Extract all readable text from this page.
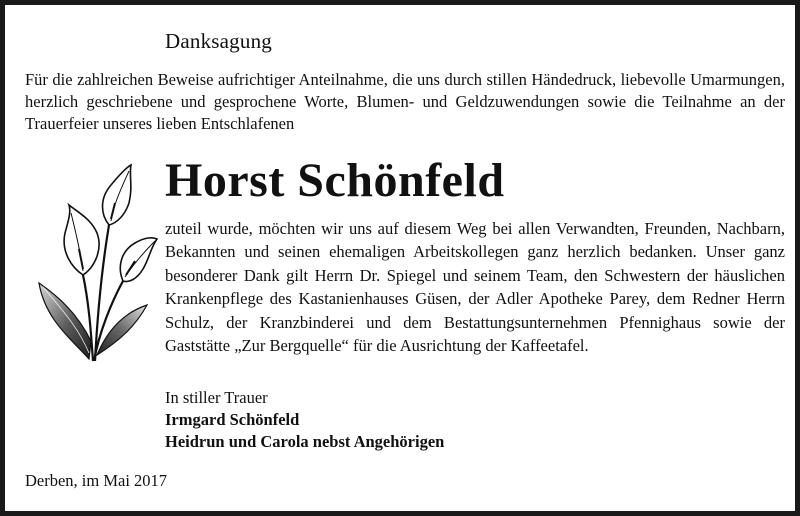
Danksagung
Für die zahlreichen Beweise aufrichtiger Anteilnahme, die uns durch stillen Händedruck, liebevolle Umarmungen, herzlich geschriebene und gesprochene Worte, Blumen- und Geldzuwendungen sowie die Teilnahme an der Trauerfeier unseres lieben Entschlafenen
Horst Schönfeld
zuteil wurde, möchten wir uns auf diesem Weg bei allen Verwandten, Freunden, Nachbarn, Bekannten und seinen ehemaligen Arbeitskollegen ganz herzlich bedanken. Unser ganz besonderer Dank gilt Herrn Dr. Spiegel und seinem Team, den Schwestern der häuslichen Krankenpflege des Kastanienhauses Güsen, der Adler Apotheke Parey, dem Redner Herrn Schulz, der Kranzbinderei und dem Bestattungsunternehmen Pfennighaus sowie der Gaststätte „Zur Bergquelle“ für die Ausrichtung der Kaffeetafel.
In stiller Trauer
Irmgard Schönfeld
Heidrun und Carola nebst Angehörigen
Derben, im Mai 2017
